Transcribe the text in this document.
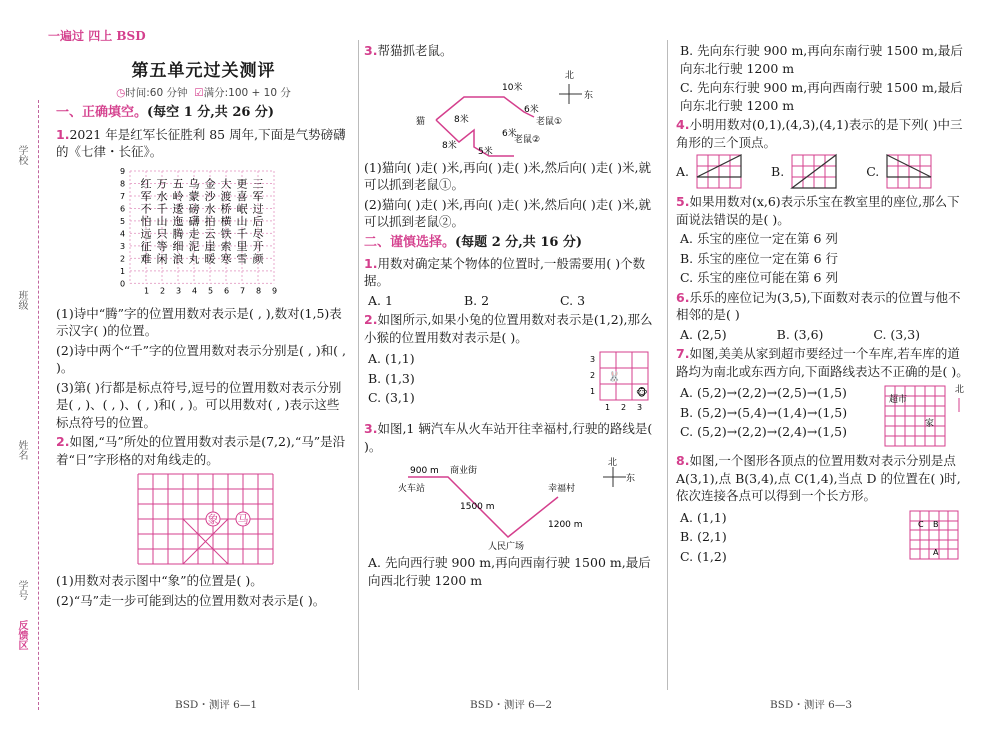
学校
班级
姓名
学号
反馈区
一遍过 四上 BSD
第五单元过关测评
◷时间:60 分钟 ☑满分:100 + 10 分
一、正确填空。(每空 1 分,共 26 分)
1.2021 年是红军长征胜利 85 周年,下面是气势磅礴的《七律・长征》。
9
8
7
6
5
4
3
2
1
0
1 2 3 4 5 6 7 8 9
红 万 五 乌 金 大 更 三
军 水 岭 蒙 沙 渡 喜 军
不 千 逶 磅 水 桥 岷 过
怕 山 迤 礴 拍 横 山 后
远 只 腾 走 云 铁 千 尽
征 等 细 泥 崖 索 里 开
难 闲 浪 丸 暖 寒 雪 颜
(1)诗中“腾”字的位置用数对表示是( , ),数对(1,5)表示汉字( )的位置。
(2)诗中两个“千”字的位置用数对表示分别是( , )和( , )。
(3)第( )行都是标点符号,逗号的位置用数对表示分别是( , )、( , )、( , )和( , )。可以用数对( , )表示这些标点符号的位置。
2.如图,“马”所处的位置用数对表示是(7,2),“马”是沿着“日”字形格的对角线走的。
象 马
(1)用数对表示图中“象”的位置是( )。
(2)“马”走一步可能到达的位置用数对表示是( )。
BSD・测评 6—1
3.帮猫抓老鼠。
10米
猫	8米
6米
8米
5米
6米
老鼠①
老鼠②
北
东
(1)猫向( )走( )米,再向( )走( )米,然后向( )走( )米,就可以抓到老鼠①。
(2)猫向( )走( )米,再向( )走( )米,然后向( )走( )米,就可以抓到老鼠②。
二、谨慎选择。(每题 2 分,共 16 分)
1.用数对确定某个物体的位置时,一般需要用( )个数据。
A. 1	B. 2	C. 3
2.如图所示,如果小兔的位置用数对表示是(1,2),那么小猴的位置用数对表示是( )。
A. (1,1)
B. (1,3)
C. (3,1)
🐰
🐵
3
2
1
1 2 3
3.如图,1 辆汽车从火车站开往幸福村,行驶的路线是( )。
火车站
900 m 商业街
1500 m
人民广场
1200 m
幸福村
北
东
A. 先向西行驶 900 m,再向西南行驶 1500 m,最后向西北行驶 1200 m
BSD・测评 6—2
B. 先向东行驶 900 m,再向东南行驶 1500 m,最后向东北行驶 1200 m
C. 先向东行驶 900 m,再向西南行驶 1500 m,最后向东北行驶 1200 m
4.小明用数对(0,1),(4,3),(4,1)表示的是下列( )中三角形的三个顶点。
A.	B.	C.
5.如果用数对(x,6)表示乐宝在教室里的座位,那么下面说法错误的是( )。
A. 乐宝的座位一定在第 6 列
B. 乐宝的座位一定在第 6 行
C. 乐宝的座位可能在第 6 列
6.乐乐的座位记为(3,5),下面数对表示的位置与他不相邻的是( )
A. (2,5)	B. (3,6)	C. (3,3)
7.如图,美美从家到超市要经过一个车库,若车库的道路均为南北或东西方向,下面路线表达不正确的是( )。
A. (5,2)→(2,2)→(2,5)→(1,5)
B. (5,2)→(5,4)→(1,4)→(1,5)
C. (5,2)→(2,2)→(2,4)→(1,5)
超市
家
北
8.如图,一个图形各顶点的位置用数对表示分别是点 A(3,1),点 B(3,4),点 C(1,4),当点 D 的位置在( )时,依次连接各点可以得到一个长方形。
A. (1,1)
B. (2,1)
C. (1,2)
C B
A
BSD・测评 6—3
